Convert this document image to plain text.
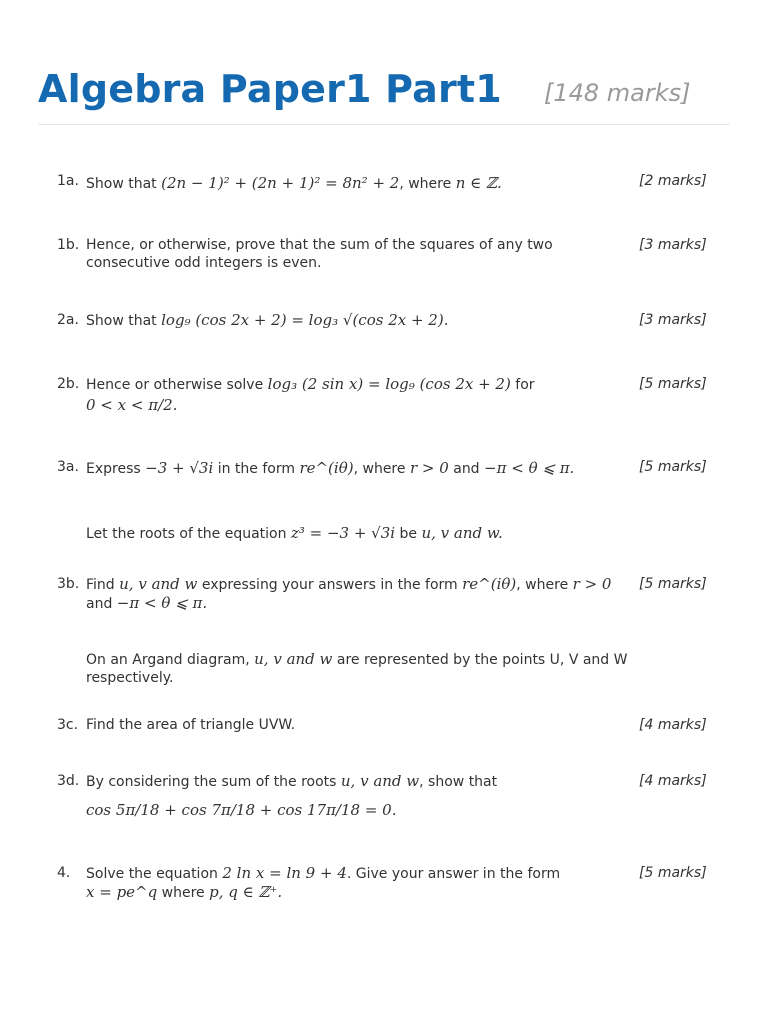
Algebra Paper1 Part1 [148 marks]
1a. Show that (2n − 1)² + (2n + 1)² = 8n² + 2, where n ∈ ℤ.	[2 marks]
1b. Hence, or otherwise, prove that the sum of the squares of any two
consecutive odd integers is even.
[3 marks]
2a. Show that log₉ (cos 2x + 2) = log₃ √(cos 2x + 2).	[3 marks]
2b. Hence or otherwise solve log₃ (2 sin x) = log₉ (cos 2x + 2) for
0 < x < π/2.
[5 marks]
3a. Express −3 + √3i in the form re^(iθ), where r > 0 and −π < θ ⩽ π.	[5 marks]
Let the roots of the equation z³ = −3 + √3i be u, v and w.
3b. Find u, v and w expressing your answers in the form re^(iθ), where r > 0
and −π < θ ⩽ π.
[5 marks]
On an Argand diagram, u, v and w are represented by the points U, V and W
respectively.
3c. Find the area of triangle UVW.	[4 marks]
3d. By considering the sum of the roots u, v and w, show that
cos 5π/18 + cos 7π/18 + cos 17π/18 = 0.
[4 marks]
4. Solve the equation 2 ln x = ln 9 + 4. Give your answer in the form
x = pe^q where p, q ∈ ℤ⁺.
[5 marks]
